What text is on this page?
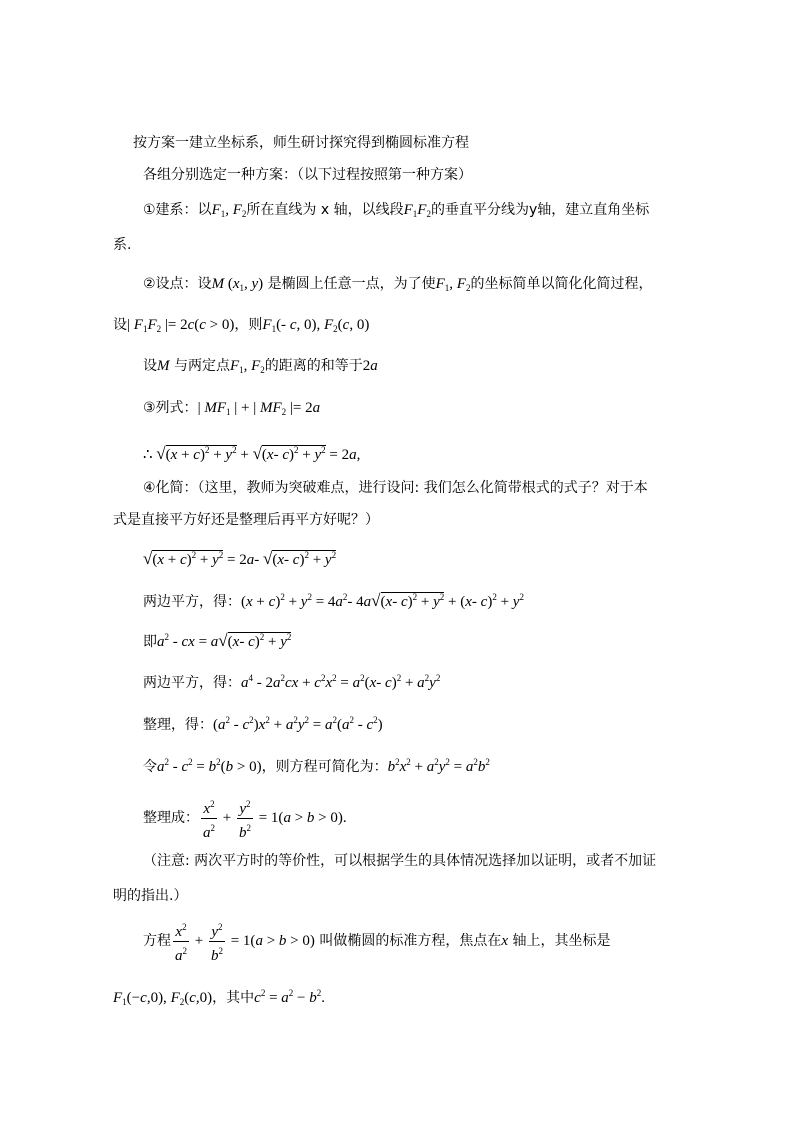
按方案一建立坐标系，师生研讨探究得到椭圆标准方程
各组分别选定一种方案：（以下过程按照第一种方案）
①建系：以$F_1$, $F_2$所在直线为 x 轴，以线段$F_1F_2$的垂直平分线为y轴，建立直角坐标
系.
②设点：设M ($x_1$, y) 是椭圆上任意一点，为了使$F_1$, $F_2$的坐标简单以简化化简过程，
设| $F_1F_2$ |= 2c(c > 0)，则$F_1(-$ c, 0), $F_2(c$, 0)
设M 与两定点$F_1$, $F_2$的距离的和等于2a
③列式：| $MF_1$ | + | $MF_2$ |= 2a
∴ $√(x + c)^2 + y^2 + √(x-$ $c)^2 + y^2 = 2a$,
④化简：（这里，教师为突破难点，进行设问: 我们怎么化简带根式的式子？对于本
式是直接平方好还是整理后再平方好呢？）
$√(x + c)^2 + y^2 = 2a-$ √(x- $c)^2 + y^2$
两边平方，得：$(x + c)^2 + y^2 = 4a^2-$ 4a√(x- $c)^2 + y^2 + (x-$ $c)^2 + y^2$
即$a^2$ - cx = a√(x- $c)^2 + y^2$
两边平方，得：$a^4 - 2a^2cx + c^2x^2 = a^2(x-$ $c)^2 + a^2y^2$
整理，得：$(a^2 - c^2)x^2 + a^2y^2 = a^2(a^2 - c^2)$
令$a^2 - c^2 = b^2(b > 0)$，则方程可简化为：$b^2x^2 + a^2y^2 = a^2b^2$
整理成： $\frac{x^2}{a^2} + \frac{y^2}{b^2} = 1(a > b > 0)$.
（注意: 两次平方时的等价性，可以根据学生的具体情况选择加以证明，或者不加证
明的指出.）
方程 $\frac{x^2}{a^2} + \frac{y^2}{b^2} = 1(a > b > 0)$ 叫做椭圆的标准方程，焦点在x 轴上，其坐标是
$F_1(-c,0)$, $F_2(c,0)$，其中$c^2 = a^2 - b^2$.
